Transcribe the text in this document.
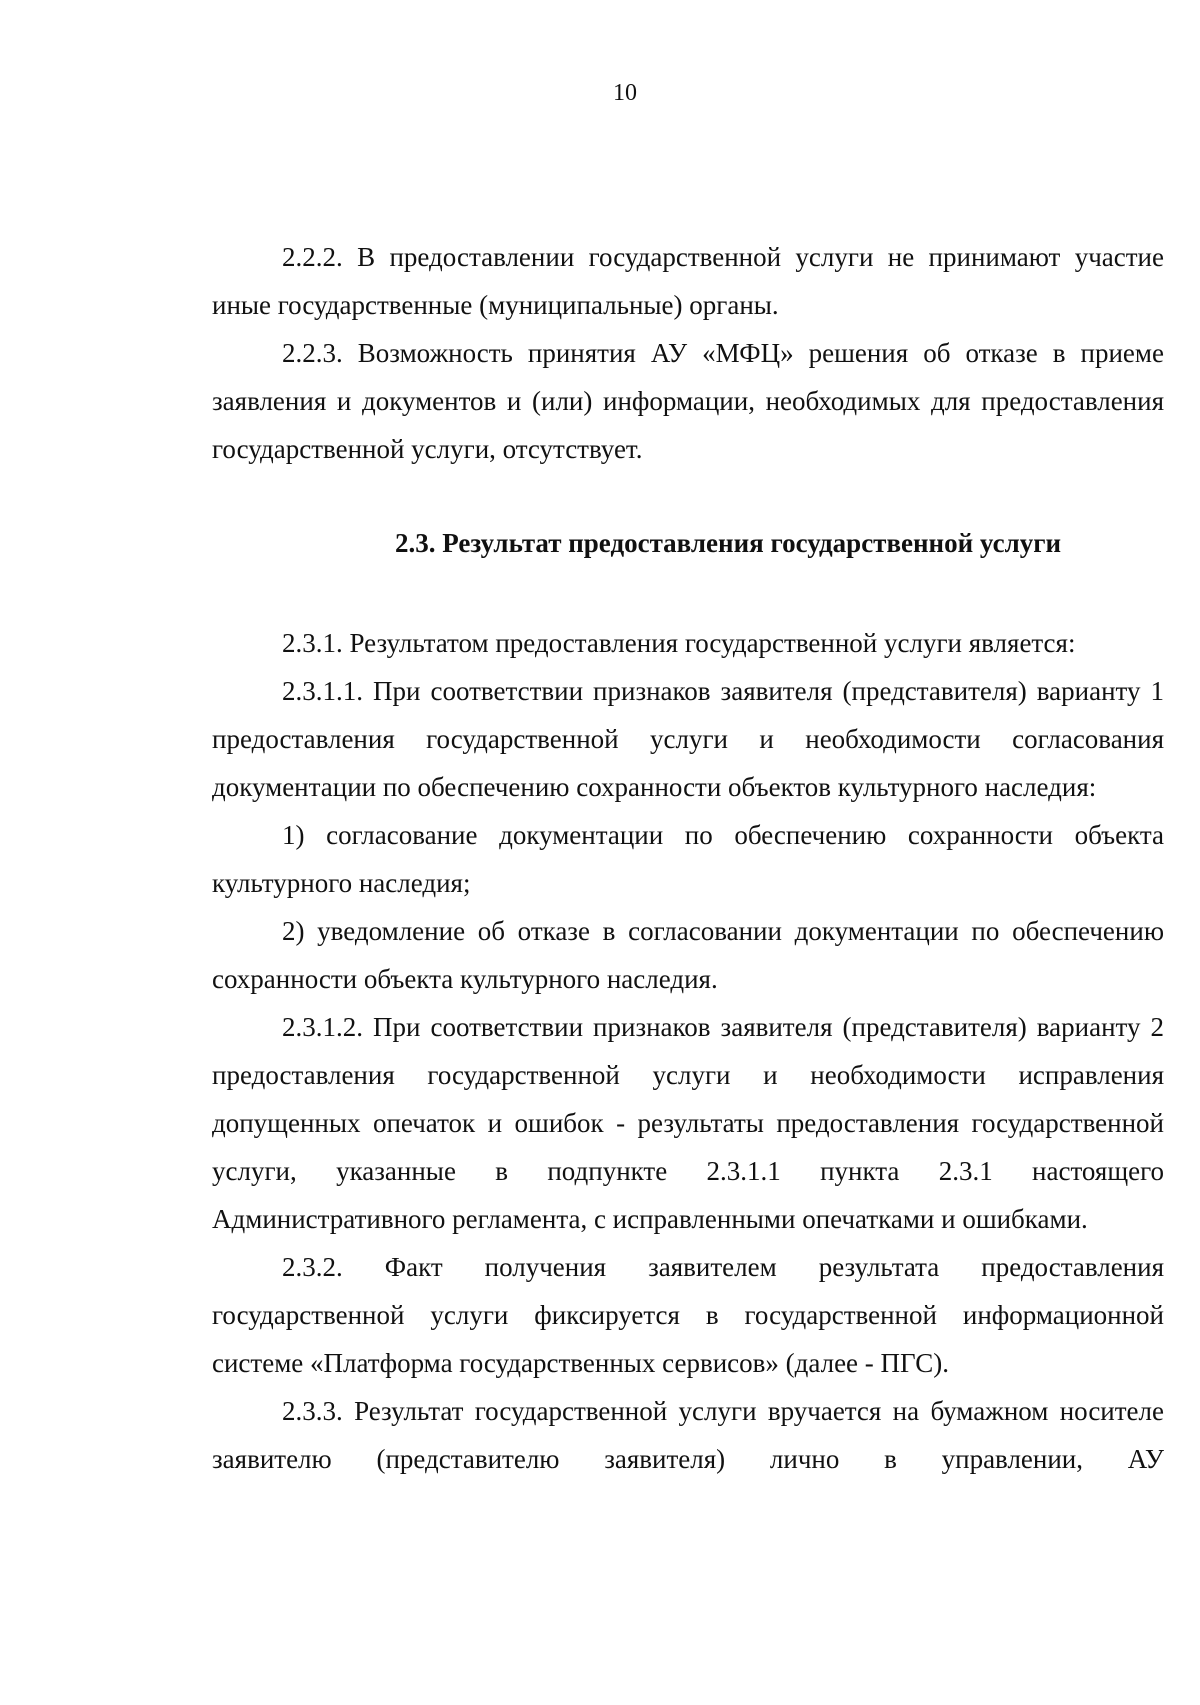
10

2.2.2. В предоставлении государственной услуги не принимают участие иные государственные (муниципальные) органы.

2.2.3. Возможность принятия АУ «МФЦ» решения об отказе в приеме заявления и документов и (или) информации, необходимых для предоставления государственной услуги, отсутствует.

2.3. Результат предоставления государственной услуги

2.3.1. Результатом предоставления государственной услуги является:

2.3.1.1. При соответствии признаков заявителя (представителя) варианту 1 предоставления государственной услуги и необходимости согласования документации по обеспечению сохранности объектов культурного наследия:

1) согласование документации по обеспечению сохранности объекта культурного наследия;

2) уведомление об отказе в согласовании документации по обеспечению сохранности объекта культурного наследия.

2.3.1.2. При соответствии признаков заявителя (представителя) варианту 2 предоставления государственной услуги и необходимости исправления допущенных опечаток и ошибок - результаты предоставления государственной услуги, указанные в подпункте 2.3.1.1 пункта 2.3.1 настоящего Административного регламента, с исправленными опечатками и ошибками.

2.3.2. Факт получения заявителем результата предоставления государственной услуги фиксируется в государственной информационной системе «Платформа государственных сервисов» (далее - ПГС).

2.3.3. Результат государственной услуги вручается на бумажном носителе заявителю (представителю заявителя) лично в управлении, АУ
